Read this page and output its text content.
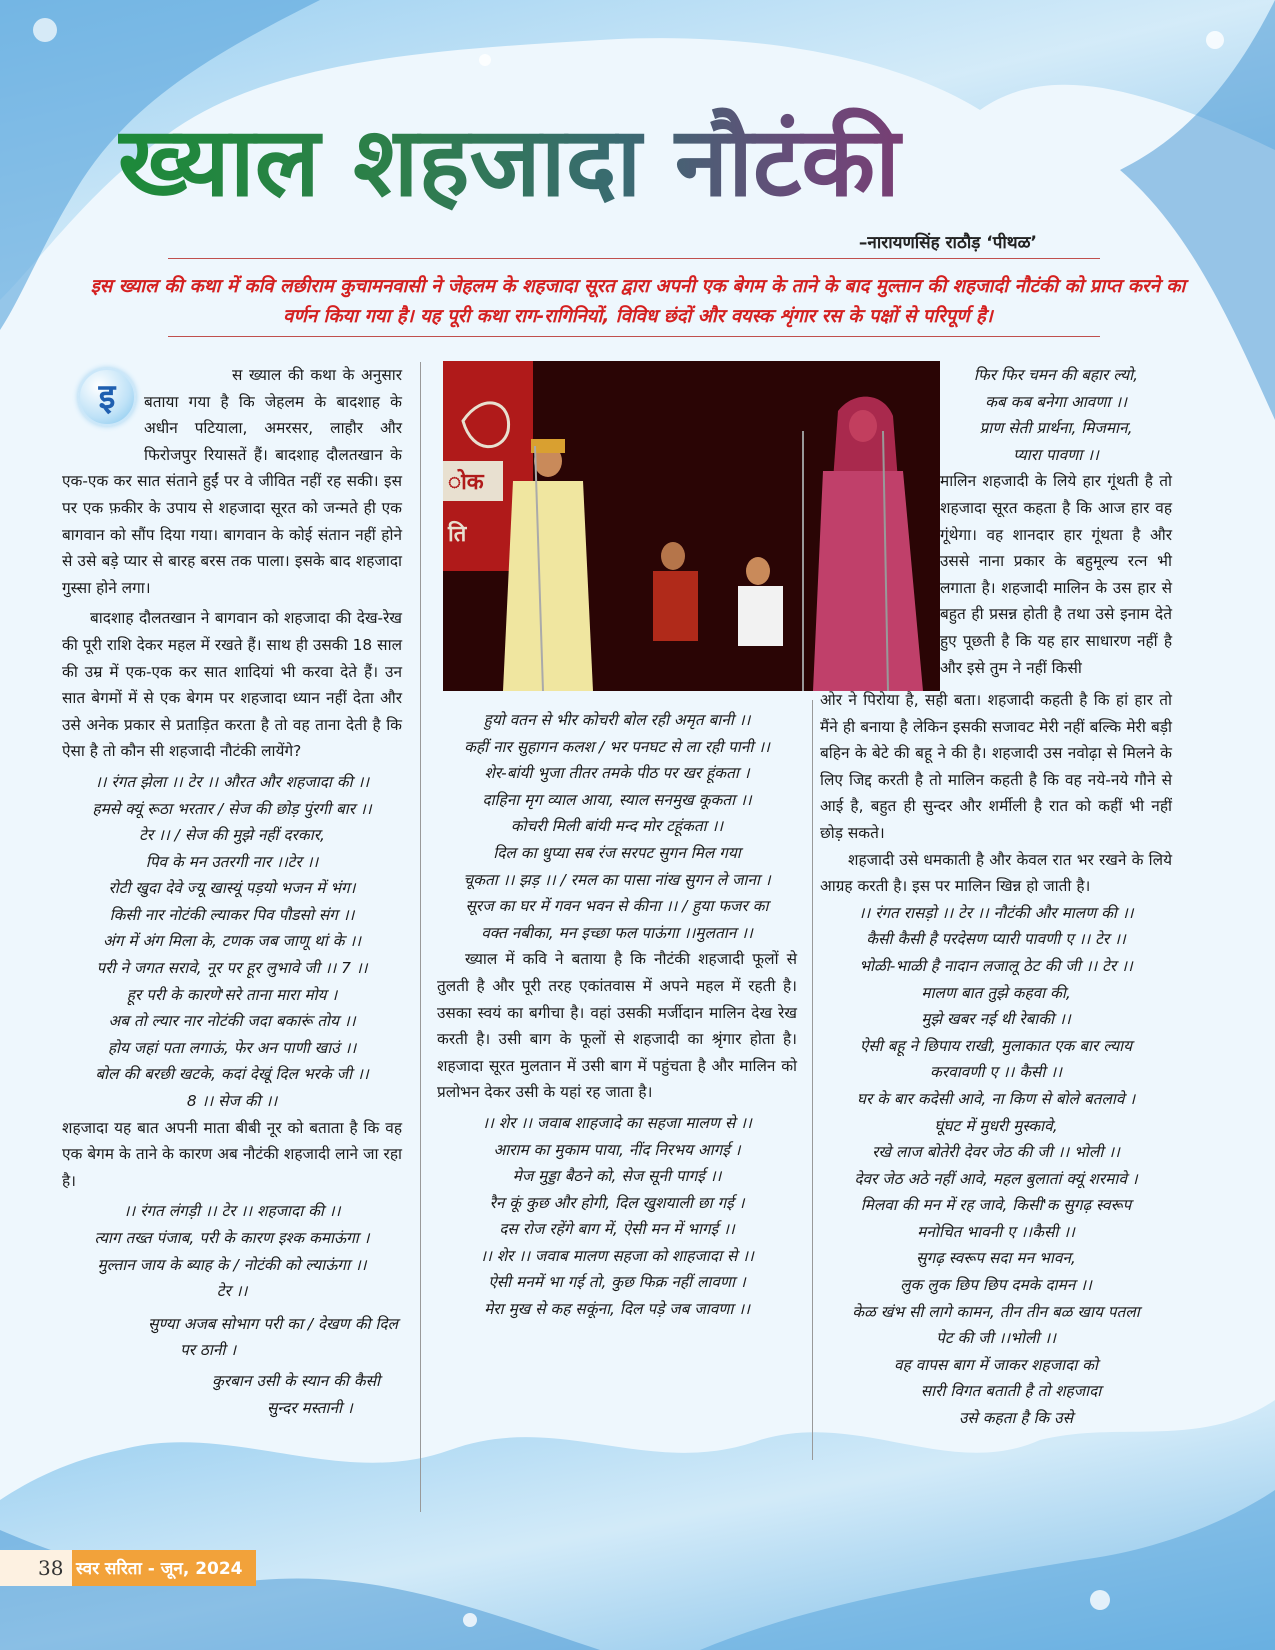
ख्याल शहजादा नौटंकी
–नारायणसिंह राठौड़ ‘पीथळ’
इस ख्याल की कथा में कवि लछीराम कुचामनवासी ने जेहलम के शहजादा सूरत द्वारा अपनी एक बेगम के ताने के बाद मुल्तान की शहजादी नौटंकी को प्राप्त करने का वर्णन किया गया है। यह पूरी कथा राग-रागिनियों, विविध छंदों और वयस्क शृंगार रस के पक्षों से परिपूर्ण है।
इ

स ख्याल की कथा के अनुसार बताया गया है कि जेहलम के बादशाह के अधीन पटियाला, अमरसर, लाहौर और फिरोजपुर रियासतें हैं। बादशाह दौलतखान के एक-एक कर सात संताने हुईं पर वे जीवित नहीं रह सकी। इस पर एक फ़कीर के उपाय से शहजादा सूरत को जन्मते ही एक बागवान को सौंप दिया गया। बागवान के कोई संतान नहीं होने से उसे बड़े प्यार से बारह बरस तक पाला। इसके बाद शहजादा गुस्सा होने लगा।

बादशाह दौलतखान ने बागवान को शहजादा की देख-रेख की पूरी राशि देकर महल में रखते हैं। साथ ही उसकी 18 साल की उम्र में एक-एक कर सात शादियां भी करवा देते हैं। उन सात बेगमों में से एक बेगम पर शहजादा ध्यान नहीं देता और उसे अनेक प्रकार से प्रताड़ित करता है तो वह ताना देती है कि ऐसा है तो कौन सी शहजादी नौटंकी लायेंगे?

।। रंगत झेला ।। टेर ।। औरत और शहजादा की ।।
हमसे क्यूं रूठा भरतार / सेज की छोड़ पुंरगी बार ।।
टेर ।। / सेज की मुझे नहीं दरकार,
पिव के मन उतरगी नार ।।टेर ।।
रोटी खुदा देवे ज्यू खास्यूं पड़यो भजन में भंग।
किसी नार नोटंकी ल्याकर पिव पौडसो संग ।।
अंग में अंग मिला के, टणक जब जाणू थां के ।।
परी ने जगत सरावे, नूर पर हूर लुभावे जी ।। 7 ।।
हूर परी के कारणे'सरे ताना मारा मोय ।
अब तो ल्यार नार नोटंकी जदा बकारूं तोय ।।
होय जहां पता लगाऊं, फेर अन पाणी खाउं ।।
बोल की बरछी खटके, कदां देखूं दिल भरके जी ।।
8 ।। सेज की ।।

शहजादा यह बात अपनी माता बीबी नूर को बताता है कि वह एक बेगम के ताने के कारण अब नौटंकी शहजादी लाने जा रहा है।

।। रंगत लंगड़ी ।। टेर ।। शहजादा की ।।
त्याग तख्त पंजाब, परी के कारण इश्क कमाऊंगा ।
मुल्तान जाय के ब्याह के / नोटंकी को ल्याऊंगा ।।
टेर ।।
सुण्या अजब सोभाग परी का / देखण की दिल
पर ठानी ।
कुरबान उसी के स्यान की कैसी
सुन्दर मस्तानी ।
ोक
ति
हुयो वतन से भीर कोचरी बोल रही अमृत बानी ।।
कहीं नार सुहागन कलश / भर पनघट से ला रही पानी ।।
शेर-बांयी भुजा तीतर तमके पीठ पर खर हूंकता ।
दाहिना मृग व्याल आया, स्याल सनमुख कूकता ।।
कोचरी मिली बांयी मन्द मोर टहूंकता ।।
दिल का धुप्या सब रंज सरपट सुगन मिल गया
चूकता ।। झड़ ।। / रमल का पासा नांख सुगन ले जाना ।
सूरज का घर में गवन भवन से कीना ।। / हुया फजर का
वक्त नबीका, मन इच्छा फल पाऊंगा ।।मुलतान ।।

ख्याल में कवि ने बताया है कि नौटंकी शहजादी फूलों से तुलती है और पूरी तरह एकांतवास में अपने महल में रहती है। उसका स्वयं का बगीचा है। वहां उसकी मर्जीदान मालिन देख रेख करती है। उसी बाग के फूलों से शहजादी का श्रृंगार होता है। शहजादा सूरत मुलतान में उसी बाग में पहुंचता है और मालिन को प्रलोभन देकर उसी के यहां रह जाता है।

।। शेर ।। जवाब शाहजादे का सहजा मालण से ।।
आराम का मुकाम पाया, नींद निरभय आगई ।
मेज मुड्डा बैठने को, सेज सूनी पागई ।।
रैन कूं कुछ और होगी, दिल खुशयाली छा गई ।
दस रोज रहेंगे बाग में, ऐसी मन में भागई ।।
।। शेर ।। जवाब मालण सहजा को शाहजादा से ।।
ऐसी मनमें भा गई तो, कुछ फिक्र नहीं लावणा ।
मेरा मुख से कह सकूंना, दिल पड़े जब जावणा ।।
फिर फिर चमन की बहार ल्यो,
कब कब बनेगा आवणा ।।
प्राण सेती प्रार्थना, मिजमान,
प्यारा पावणा ।।

मालिन शहजादी के लिये हार गूंथती है तो शहजादा सूरत कहता है कि आज हार वह गूंथेगा। वह शानदार हार गूंथता है और उससे नाना प्रकार के बहुमूल्य रत्न भी लगाता है। शहजादी मालिन के उस हार से बहुत ही प्रसन्न होती है तथा उसे इनाम देते हुए पूछती है कि यह हार साधारण नहीं है और इसे तुम ने नहीं किसी

ओर ने पिरोया है, सही बता। शहजादी कहती है कि हां हार तो मैंने ही बनाया है लेकिन इसकी सजावट मेरी नहीं बल्कि मेरी बड़ी बहिन के बेटे की बहू ने की है। शहजादी उस नवोढ़ा से मिलने के लिए जिद्द करती है तो मालिन कहती है कि वह नये-नये गौने से आई है, बहुत ही सुन्दर और शर्मीली है रात को कहीं भी नहीं छोड़ सकते।

शहजादी उसे धमकाती है और केवल रात भर रखने के लिये आग्रह करती है। इस पर मालिन खिन्न हो जाती है।

।। रंगत रासड़ो ।। टेर ।। नौटंकी और मालण की ।।
कैसी कैसी है परदेसण प्यारी पावणी ए ।। टेर ।।
भोळी-भाळी है नादान लजालू ठेट की जी ।। टेर ।।
मालण बात तुझे कहवा की,
मुझे खबर नई थी रेबाकी ।।
ऐसी बहू ने छिपाय राखी, मुलाकात एक बार ल्याय
करवावणी ए ।। कैसी ।।
घर के बार कदेसी आवे, ना किण से बोले बतलावे ।
घूंघट में मुधरी मुस्कावे,
रखे लाज बोतेरी देवर जेठ की जी ।। भोली ।।
देवर जेठ अठे नहीं आवे, महल बुलातां क्यूं शरमावे ।
मिलवा की मन में रह जावे, किसी'क सुगढ़ स्वरूप
मनोचित भावनी ए ।।कैसी ।।
सुगढ़ स्वरूप सदा मन भावन,
लुक लुक छिप छिप दमके दामन ।।
केळ खंभ सी लागे कामन, तीन तीन बळ खाय पतला
पेट की जी ।।भोली ।।
वह वापस बाग में जाकर शहजादा को
सारी विगत बताती है तो शहजादा
उसे कहता है कि उसे
38 स्वर सरिता - जून, 2024
